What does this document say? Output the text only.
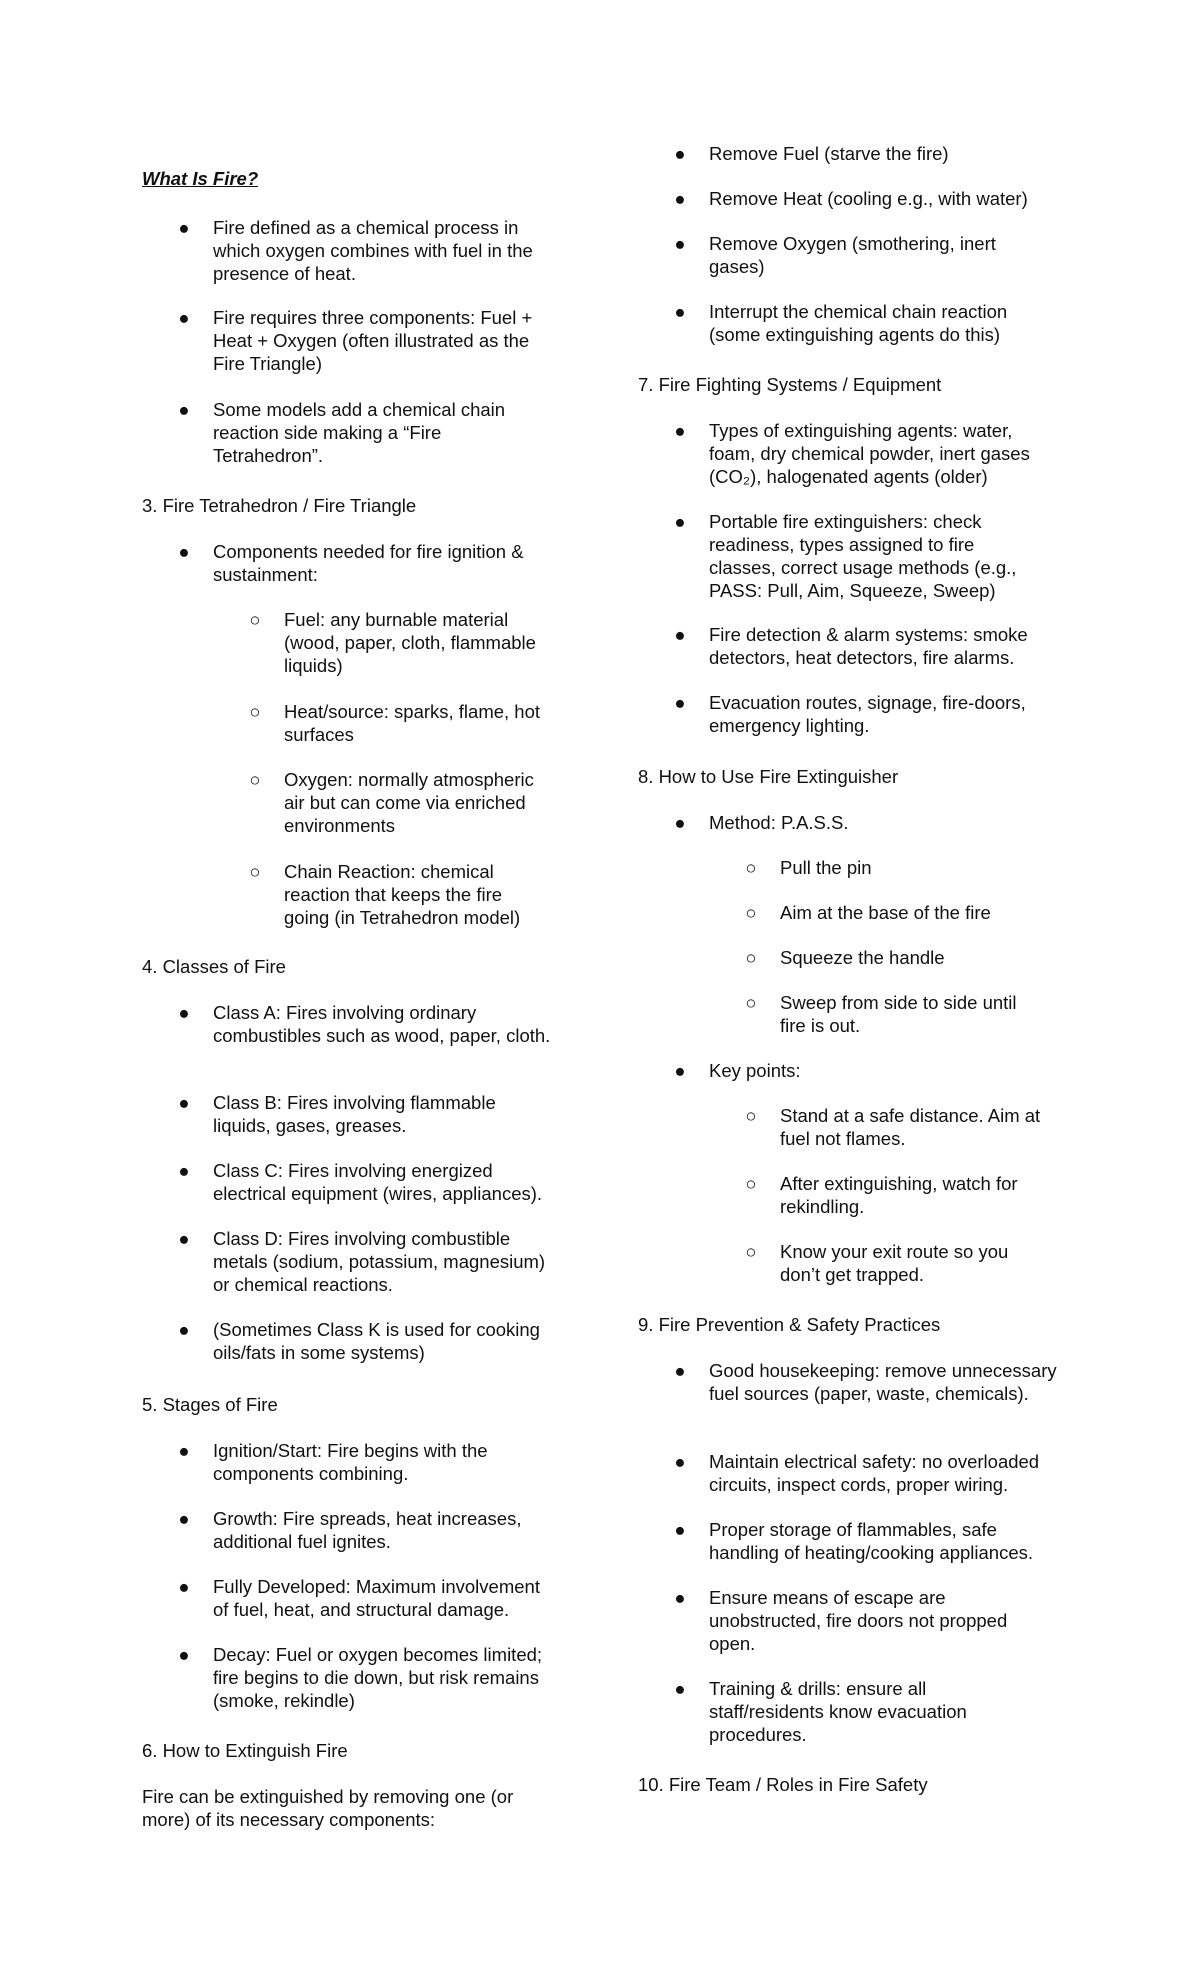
What Is Fire?
● Fire defined as a chemical process in which oxygen combines with fuel in the presence of heat.
● Fire requires three components: Fuel + Heat + Oxygen (often illustrated as the Fire Triangle)
● Some models add a chemical chain reaction side making a “Fire Tetrahedron”.
3. Fire Tetrahedron / Fire Triangle
● Components needed for fire ignition & sustainment:
○ Fuel: any burnable material (wood, paper, cloth, flammable liquids)
○ Heat/source: sparks, flame, hot surfaces
○ Oxygen: normally atmospheric air but can come via enriched environments
○ Chain Reaction: chemical reaction that keeps the fire going (in Tetrahedron model)
4. Classes of Fire
● Class A: Fires involving ordinary combustibles such as wood, paper, cloth.
● Class B: Fires involving flammable liquids, gases, greases.
● Class C: Fires involving energized electrical equipment (wires, appliances).
● Class D: Fires involving combustible metals (sodium, potassium, magnesium) or chemical reactions.
● (Sometimes Class K is used for cooking oils/fats in some systems)
5. Stages of Fire
● Ignition/Start: Fire begins with the components combining.
● Growth: Fire spreads, heat increases, additional fuel ignites.
● Fully Developed: Maximum involvement of fuel, heat, and structural damage.
● Decay: Fuel or oxygen becomes limited; fire begins to die down, but risk remains (smoke, rekindle)
6. How to Extinguish Fire
Fire can be extinguished by removing one (or more) of its necessary components:
● Remove Fuel (starve the fire)
● Remove Heat (cooling e.g., with water)
● Remove Oxygen (smothering, inert gases)
● Interrupt the chemical chain reaction (some extinguishing agents do this)
7. Fire Fighting Systems / Equipment
● Types of extinguishing agents: water, foam, dry chemical powder, inert gases (CO₂), halogenated agents (older)
● Portable fire extinguishers: check readiness, types assigned to fire classes, correct usage methods (e.g., PASS: Pull, Aim, Squeeze, Sweep)
● Fire detection & alarm systems: smoke detectors, heat detectors, fire alarms.
● Evacuation routes, signage, fire-doors, emergency lighting.
8. How to Use Fire Extinguisher
● Method: P.A.S.S.
○ Pull the pin
○ Aim at the base of the fire
○ Squeeze the handle
○ Sweep from side to side until fire is out.
● Key points:
○ Stand at a safe distance. Aim at fuel not flames.
○ After extinguishing, watch for rekindling.
○ Know your exit route so you don’t get trapped.
9. Fire Prevention & Safety Practices
● Good housekeeping: remove unnecessary fuel sources (paper, waste, chemicals).
● Maintain electrical safety: no overloaded circuits, inspect cords, proper wiring.
● Proper storage of flammables, safe handling of heating/cooking appliances.
● Ensure means of escape are unobstructed, fire doors not propped open.
● Training & drills: ensure all staff/residents know evacuation procedures.
10. Fire Team / Roles in Fire Safety
